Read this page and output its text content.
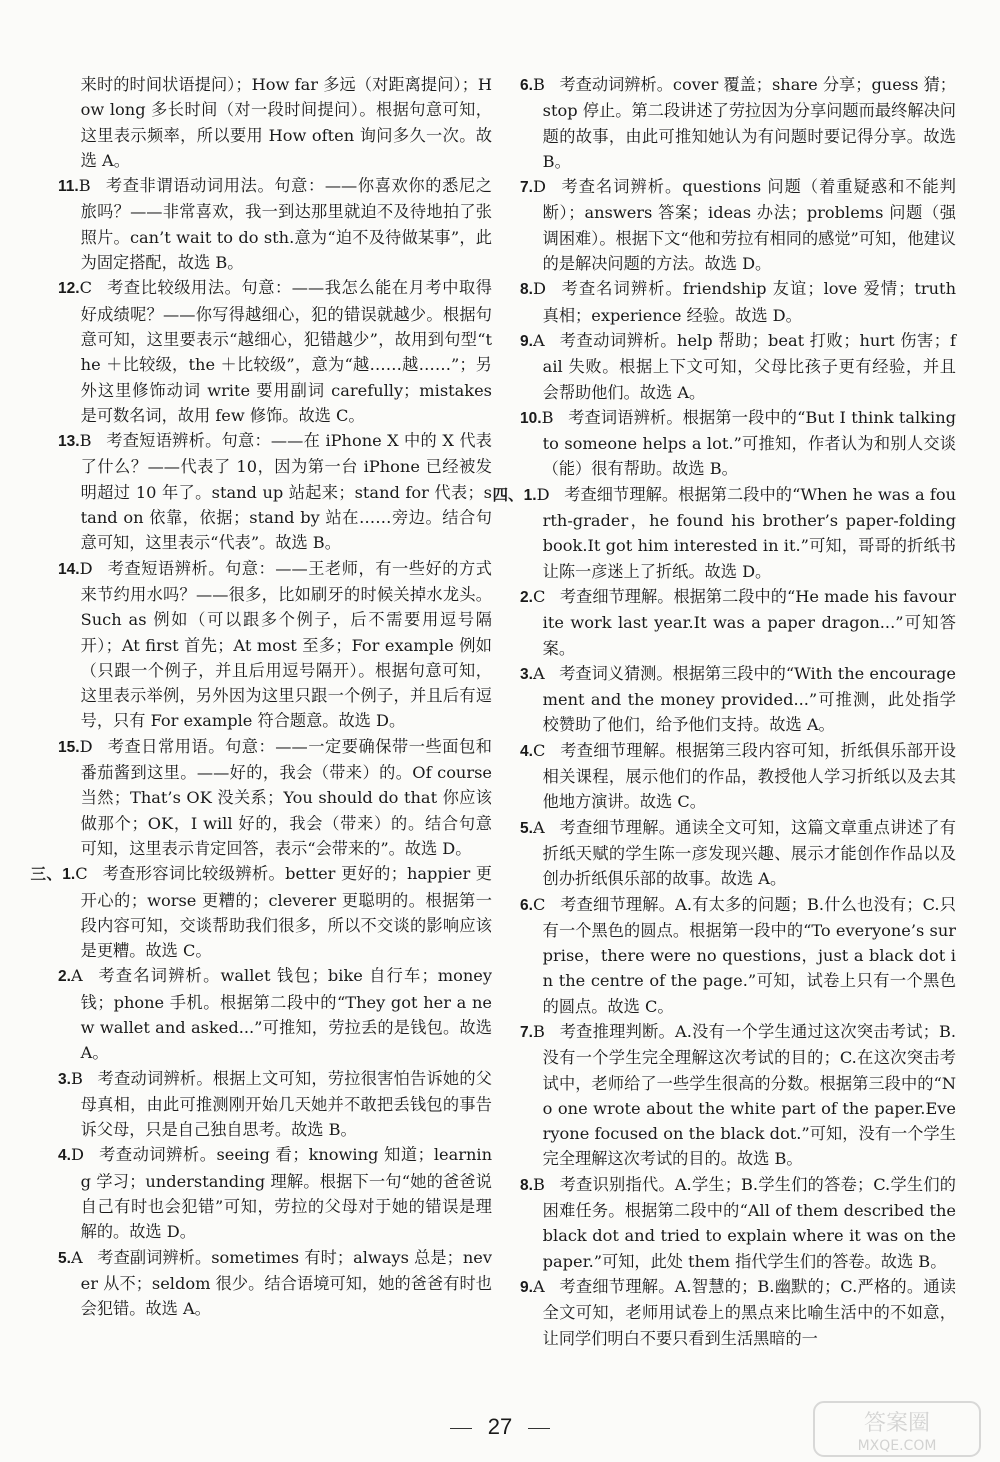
来时的时间状语提问）；How far 多远（对距离提问）；How long 多长时间（对一段时间提问）。根据句意可知，这里表示频率，所以要用 How often 询问多久一次。故选 A。

11.B 考查非谓语动词用法。句意：——你喜欢你的悉尼之旅吗？——非常喜欢，我一到达那里就迫不及待地拍了张照片。can’t wait to do sth.意为“迫不及待做某事”，此为固定搭配，故选 B。

12.C 考查比较级用法。句意：——我怎么能在月考中取得好成绩呢？——你写得越细心，犯的错误就越少。根据句意可知，这里要表示“越细心，犯错越少”，故用到句型“the ＋比较级，the ＋比较级”，意为“越……越……”；另外这里修饰动词 write 要用副词 carefully；mistakes 是可数名词，故用 few 修饰。故选 C。

13.B 考查短语辨析。句意：——在 iPhone X 中的 X 代表了什么？——代表了 10，因为第一台 iPhone 已经被发明超过 10 年了。stand up 站起来；stand for 代表；stand on 依靠，依据；stand by 站在……旁边。结合句意可知，这里表示“代表”。故选 B。

14.D 考查短语辨析。句意：——王老师，有一些好的方式来节约用水吗？——很多，比如刷牙的时候关掉水龙头。Such as 例如（可以跟多个例子，后不需要用逗号隔开）；At first 首先；At most 至多；For example 例如（只跟一个例子，并且后用逗号隔开）。根据句意可知，这里表示举例，另外因为这里只跟一个例子，并且后有逗号，只有 For example 符合题意。故选 D。

15.D 考查日常用语。句意：——一定要确保带一些面包和番茄酱到这里。——好的，我会（带来）的。Of course 当然；That’s OK 没关系；You should do that 你应该做那个；OK，I will 好的，我会（带来）的。结合句意可知，这里表示肯定回答，表示“会带来的”。故选 D。

三、1.C 考查形容词比较级辨析。better 更好的；happier 更开心的；worse 更糟的；cleverer 更聪明的。根据第一段内容可知，交谈帮助我们很多，所以不交谈的影响应该是更糟。故选 C。

2.A 考查名词辨析。wallet 钱包；bike 自行车；money 钱；phone 手机。根据第二段中的“They got her a new wallet and asked...”可推知，劳拉丢的是钱包。故选 A。

3.B 考查动词辨析。根据上文可知，劳拉很害怕告诉她的父母真相，由此可推测刚开始几天她并不敢把丢钱包的事告诉父母，只是自己独自思考。故选 B。

4.D 考查动词辨析。seeing 看；knowing 知道；learning 学习；understanding 理解。根据下一句“她的爸爸说自己有时也会犯错”可知，劳拉的父母对于她的错误是理解的。故选 D。

5.A 考查副词辨析。sometimes 有时；always 总是；never 从不；seldom 很少。结合语境可知，她的爸爸有时也会犯错。故选 A。

6.B 考查动词辨析。cover 覆盖；share 分享；guess 猜；stop 停止。第二段讲述了劳拉因为分享问题而最终解决问题的故事，由此可推知她认为有问题时要记得分享。故选 B。

7.D 考查名词辨析。questions 问题（着重疑惑和不能判断）；answers 答案；ideas 办法；problems 问题（强调困难）。根据下文“他和劳拉有相同的感觉”可知，他建议的是解决问题的方法。故选 D。

8.D 考查名词辨析。friendship 友谊；love 爱情；truth 真相；experience 经验。故选 D。

9.A 考查动词辨析。help 帮助；beat 打败；hurt 伤害；fail 失败。根据上下文可知，父母比孩子更有经验，并且会帮助他们。故选 A。

10.B 考查词语辨析。根据第一段中的“But I think talking to someone helps a lot.”可推知，作者认为和别人交谈（能）很有帮助。故选 B。

四、1.D 考查细节理解。根据第二段中的“When he was a fourth-grader，he found his brother’s paper-folding book.It got him interested in it.”可知，哥哥的折纸书让陈一彦迷上了折纸。故选 D。

2.C 考查细节理解。根据第二段中的“He made his favourite work last year.It was a paper dragon...”可知答案。

3.A 考查词义猜测。根据第三段中的“With the encouragement and the money provided...”可推测，此处指学校赞助了他们，给予他们支持。故选 A。

4.C 考查细节理解。根据第三段内容可知，折纸俱乐部开设相关课程，展示他们的作品，教授他人学习折纸以及去其他地方演讲。故选 C。

5.A 考查细节理解。通读全文可知，这篇文章重点讲述了有折纸天赋的学生陈一彦发现兴趣、展示才能创作作品以及创办折纸俱乐部的故事。故选 A。

6.C 考查细节理解。A.有太多的问题；B.什么也没有；C.只有一个黑色的圆点。根据第一段中的“To everyone’s surprise，there were no questions，just a black dot in the centre of the page.”可知，试卷上只有一个黑色的圆点。故选 C。

7.B 考查推理判断。A.没有一个学生通过这次突击考试；B.没有一个学生完全理解这次考试的目的；C.在这次突击考试中，老师给了一些学生很高的分数。根据第三段中的“No one wrote about the white part of the paper.Everyone focused on the black dot.”可知，没有一个学生完全理解这次考试的目的。故选 B。

8.B 考查识别指代。A.学生；B.学生们的答卷；C.学生们的困难任务。根据第二段中的“All of them described the black dot and tried to explain where it was on the paper.”可知，此处 them 指代学生们的答卷。故选 B。

9.A 考查细节理解。A.智慧的；B.幽默的；C.严格的。通读全文可知，老师用试卷上的黑点来比喻生活中的不如意，让同学们明白不要只看到生活黑暗的一

27	答案圈
MXQE.COM
